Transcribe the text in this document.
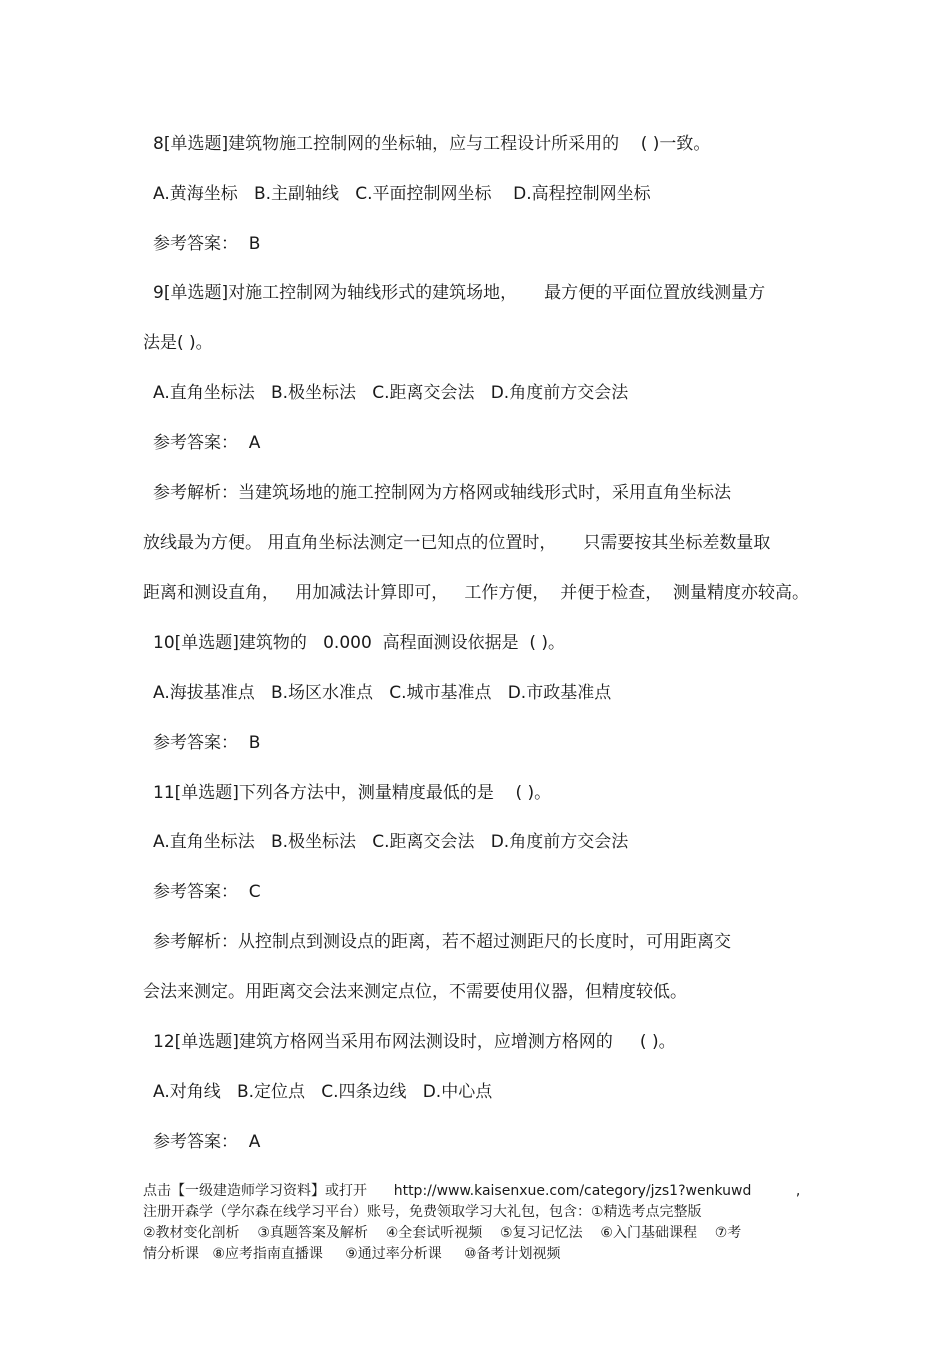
8[单选题]建筑物施工控制网的坐标轴，应与工程设计所采用的    ( )一致。
A.黄海坐标   B.主副轴线   C.平面控制网坐标    D.高程控制网坐标
参考答案：  B
9[单选题]对施工控制网为轴线形式的建筑场地，     最方便的平面位置放线测量方
法是( )。
A.直角坐标法   B.极坐标法   C.距离交会法   D.角度前方交会法
参考答案：  A
参考解析：当建筑场地的施工控制网为方格网或轴线形式时，采用直角坐标法
放线最为方便。 用直角坐标法测定一已知点的位置时，     只需要按其坐标差数量取
距离和测设直角，   用加减法计算即可，   工作方便，  并便于检查，  测量精度亦较高。
10[单选题]建筑物的   0.000  高程面测设依据是  ( )。
A.海拔基准点   B.场区水准点   C.城市基准点   D.市政基准点
参考答案：  B
11[单选题]下列各方法中，测量精度最低的是    ( )。
A.直角坐标法   B.极坐标法   C.距离交会法   D.角度前方交会法
参考答案：  C
参考解析：从控制点到测设点的距离，若不超过测距尺的长度时，可用距离交
会法来测定。用距离交会法来测定点位，不需要使用仪器，但精度较低。
12[单选题]建筑方格网当采用布网法测设时，应增测方格网的     ( )。
A.对角线   B.定位点   C.四条边线   D.中心点
参考答案：  A
点击【一级建造师学习资料】或打开      http://www.kaisenxue.com/category/jzs1?wenkuwd          ,
注册开森学（学尔森在线学习平台）账号，免费领取学习大礼包，包含：①精选考点完整版
②教材变化剖析    ③真题答案及解析    ④全套试听视频    ⑤复习记忆法    ⑥入门基础课程    ⑦考
情分析课   ⑧应考指南直播课     ⑨通过率分析课     ⑩备考计划视频
